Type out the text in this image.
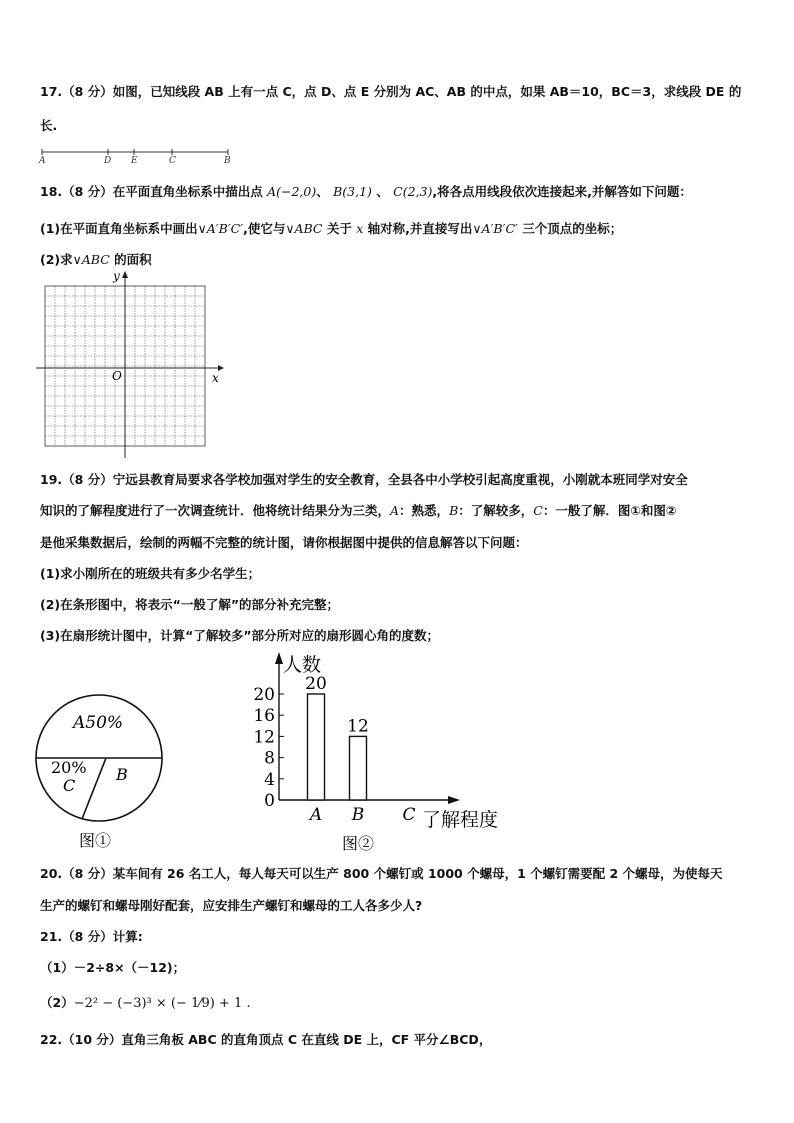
17.（8 分）如图，已知线段 AB 上有一点 C，点 D、点 E 分别为 AC、AB 的中点，如果 AB＝10，BC＝3，求线段 DE 的
长.
A	D E	C	B
18.（8 分）在平面直角坐标系中描出点 A(−2,0)、 B(3,1) 、 C(2,3),将各点用线段依次连接起来,并解答如下问题：
(1)在平面直角坐标系中画出∨A′B′C′,使它与∨ABC 关于 x 轴对称,并直接写出∨A′B′C′ 三个顶点的坐标；
(2)求∨ABC 的面积
y
x
O
19.（8 分）宁远县教育局要求各学校加强对学生的安全教育，全县各中小学校引起高度重视，小刚就本班同学对安全
知识的了解程度进行了一次调查统计．他将统计结果分为三类，A：熟悉，B：了解较多，C：一般了解．图①和图②
是他采集数据后，绘制的两幅不完整的统计图，请你根据图中提供的信息解答以下问题：
(1)求小刚所在的班级共有多少名学生；
(2)在条形图中，将表示“一般了解”的部分补充完整；
(3)在扇形统计图中，计算“了解较多”部分所对应的扇形圆心角的度数；
A50%
20%
C
B
图①
人数
了解程度
图②
0
4
8
12
16
20
20
A
12
B C
20.（8 分）某车间有 26 名工人，每人每天可以生产 800 个螺钉或 1000 个螺母，1 个螺钉需要配 2 个螺母，为使每天
生产的螺钉和螺母刚好配套，应安排生产螺钉和螺母的工人各多少人?
21.（8 分）计算:
（1）－2÷8×（－12)；
（2）−2² − (−3)³ × (− 1⁄9) + 1 .
22.（10 分）直角三角板 ABC 的直角顶点 C 在直线 DE 上，CF 平分∠BCD，
